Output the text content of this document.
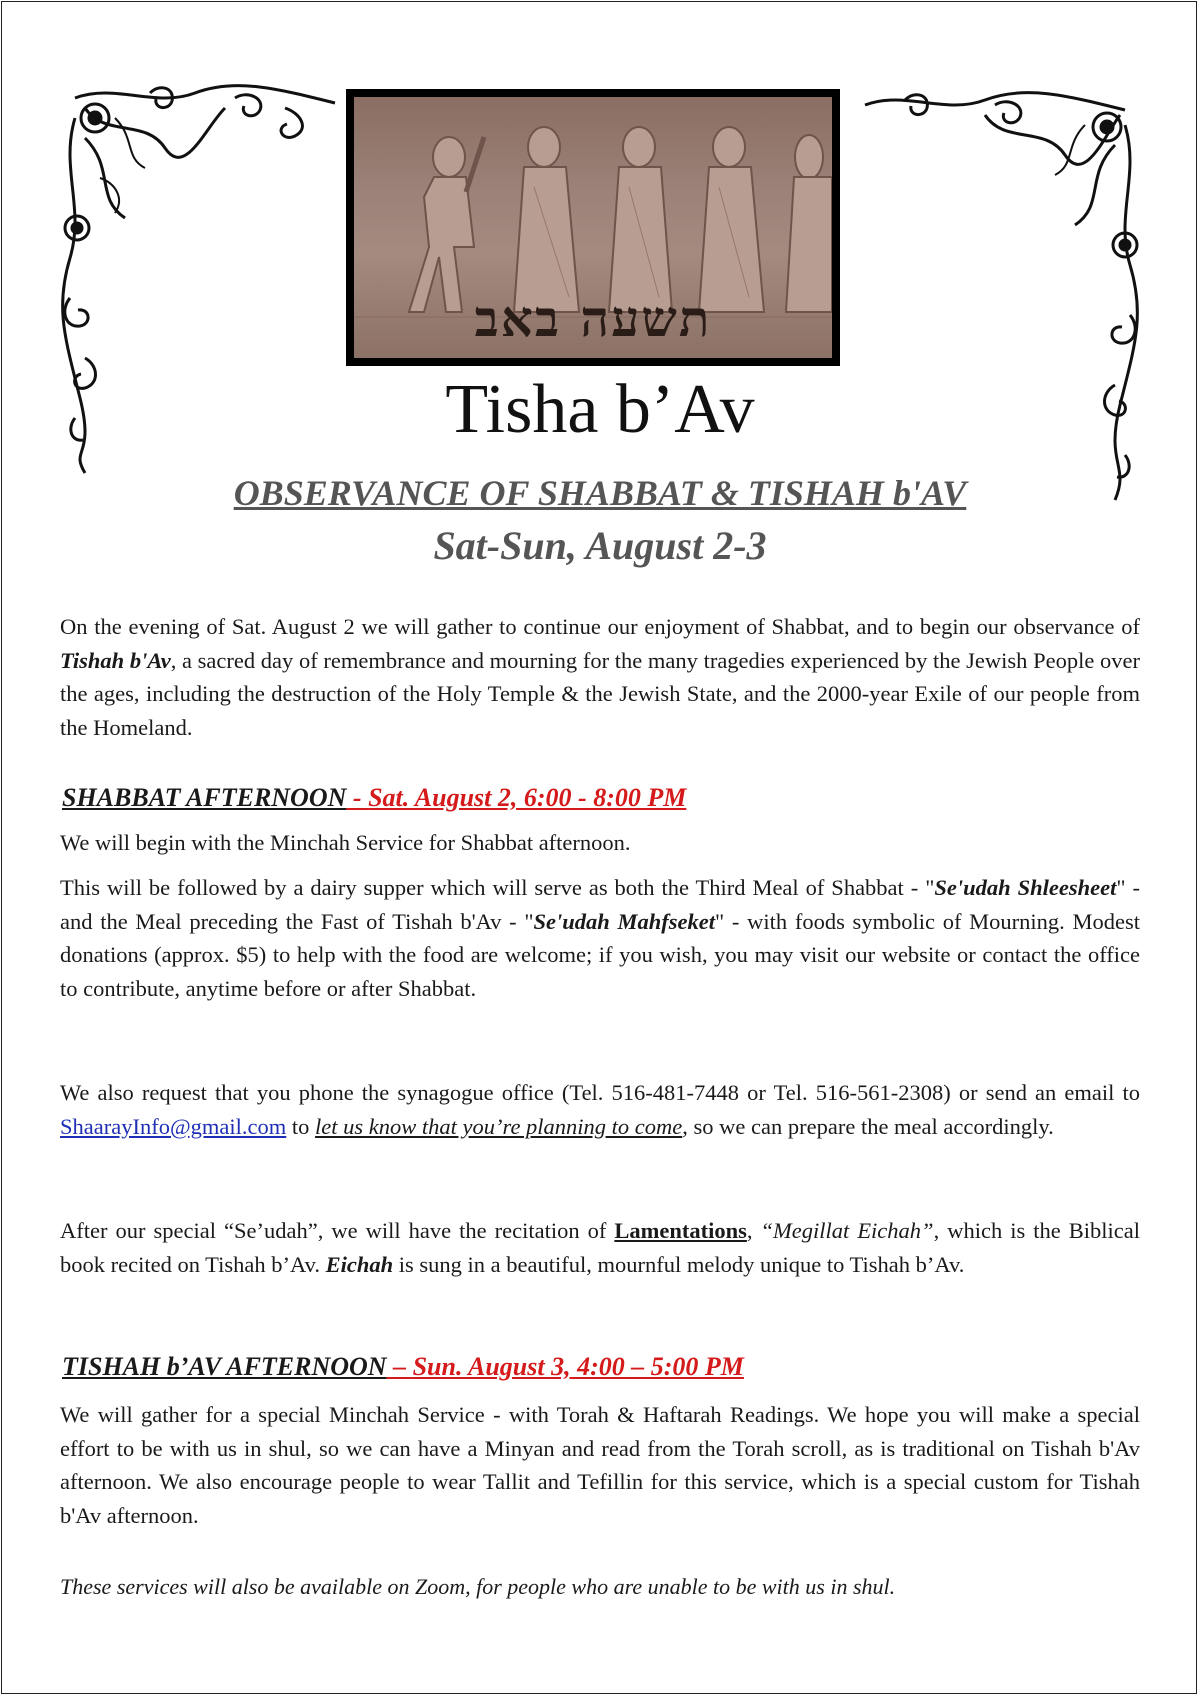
תשעה באב
Tisha b’Av
OBSERVANCE OF SHABBAT & TISHAH b'AV
Sat-Sun, August 2-3
On the evening of Sat. August 2 we will gather to continue our enjoyment of Shabbat, and to begin our observance of Tishah b'Av, a sacred day of remembrance and mourning for the many tragedies experienced by the Jewish People over the ages, including the destruction of the Holy Temple & the Jewish State, and the 2000-year Exile of our people from the Homeland.
SHABBAT AFTERNOON - Sat. August 2, 6:00 - 8:00 PM
We will begin with the Minchah Service for Shabbat afternoon.
This will be followed by a dairy supper which will serve as both the Third Meal of Shabbat - "Se'udah Shleesheet" - and the Meal preceding the Fast of Tishah b'Av - "Se'udah Mahfseket" - with foods symbolic of Mourning. Modest donations (approx. $5) to help with the food are welcome; if you wish, you may visit our website or contact the office to contribute, anytime before or after Shabbat.
We also request that you phone the synagogue office (Tel. 516-481-7448 or Tel. 516-561-2308) or send an email to ShaarayInfo@gmail.com to let us know that you’re planning to come, so we can prepare the meal accordingly.
After our special “Se’udah”, we will have the recitation of Lamentations, “Megillat Eichah”, which is the Biblical book recited on Tishah b’Av. Eichah is sung in a beautiful, mournful melody unique to Tishah b’Av.
TISHAH b’AV AFTERNOON – Sun. August 3, 4:00 – 5:00 PM
We will gather for a special Minchah Service - with Torah & Haftarah Readings. We hope you will make a special effort to be with us in shul, so we can have a Minyan and read from the Torah scroll, as is traditional on Tishah b'Av afternoon. We also encourage people to wear Tallit and Tefillin for this service, which is a special custom for Tishah b'Av afternoon.
These services will also be available on Zoom, for people who are unable to be with us in shul.
